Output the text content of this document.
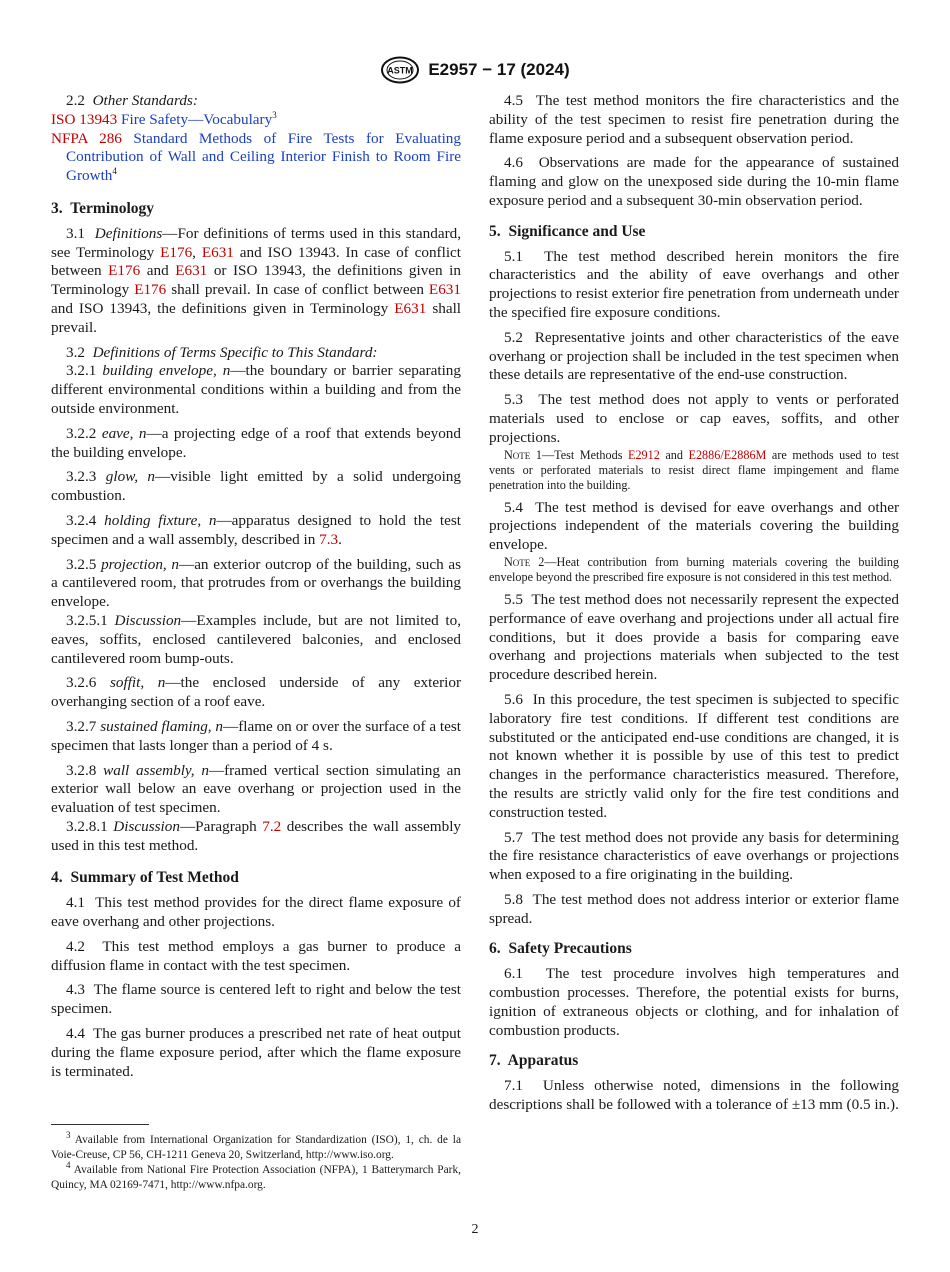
ASTM E2957 − 17 (2024)

2.2 Other Standards:

ISO 13943 Fire Safety—Vocabulary$^3$
NFPA 286 Standard Methods of Fire Tests for Evaluating Contribution of Wall and Ceiling Interior Finish to Room Fire Growth$^4$
3. Terminology

3.1 Definitions—For definitions of terms used in this standard, see Terminology E176, E631 and ISO 13943. In case of conflict between E176 and E631 or ISO 13943, the definitions given in Terminology E176 shall prevail. In case of conflict between E631 and ISO 13943, the definitions given in Terminology E631 shall prevail.

3.2 Definitions of Terms Specific to This Standard:

3.2.1 building envelope, n—the boundary or barrier separating different environmental conditions within a building and from the outside environment.

3.2.2 eave, n—a projecting edge of a roof that extends beyond the building envelope.

3.2.3 glow, n—visible light emitted by a solid undergoing combustion.

3.2.4 holding fixture, n—apparatus designed to hold the test specimen and a wall assembly, described in 7.3.

3.2.5 projection, n—an exterior outcrop of the building, such as a cantilevered room, that protrudes from or overhangs the building envelope.

3.2.5.1 Discussion—Examples include, but are not limited to, eaves, soffits, enclosed cantilevered balconies, and enclosed cantilevered room bump-outs.

3.2.6 soffit, n—the enclosed underside of any exterior overhanging section of a roof eave.

3.2.7 sustained flaming, n—flame on or over the surface of a test specimen that lasts longer than a period of 4 s.

3.2.8 wall assembly, n—framed vertical section simulating an exterior wall below an eave overhang or projection used in the evaluation of test specimen.

3.2.8.1 Discussion—Paragraph 7.2 describes the wall assembly used in this test method.

4. Summary of Test Method

4.1 This test method provides for the direct flame exposure of eave overhang and other projections.

4.2 This test method employs a gas burner to produce a diffusion flame in contact with the test specimen.

4.3 The flame source is centered left to right and below the test specimen.

4.4 The gas burner produces a prescribed net rate of heat output during the flame exposure period, after which the flame exposure is terminated.

4.5 The test method monitors the fire characteristics and the ability of the test specimen to resist fire penetration during the flame exposure period and a subsequent observation period.

4.6 Observations are made for the appearance of sustained flaming and glow on the unexposed side during the 10-min flame exposure period and a subsequent 30-min observation period.

5. Significance and Use

5.1 The test method described herein monitors the fire characteristics and the ability of eave overhangs and other projections to resist exterior fire penetration from underneath under the specified fire exposure conditions.

5.2 Representative joints and other characteristics of the eave overhang or projection shall be included in the test specimen when these details are representative of the end-use construction.

5.3 The test method does not apply to vents or perforated materials used to enclose or cap eaves, soffits, and other projections.

Note 1—Test Methods E2912 and E2886/E2886M are methods used to test vents or perforated materials to resist direct flame impingement and flame penetration into the building.

5.4 The test method is devised for eave overhangs and other projections independent of the materials covering the building envelope.

Note 2—Heat contribution from burning materials covering the building envelope beyond the prescribed fire exposure is not considered in this test method.

5.5 The test method does not necessarily represent the expected performance of eave overhang and projections under all actual fire conditions, but it does provide a basis for comparing eave overhang and projections materials when subjected to the test procedure described herein.

5.6 In this procedure, the test specimen is subjected to specific laboratory fire test conditions. If different test conditions are substituted or the anticipated end-use conditions are changed, it is not known whether it is possible by use of this test to predict changes in the performance characteristics measured. Therefore, the results are strictly valid only for the fire test conditions and construction tested.

5.7 The test method does not provide any basis for determining the fire resistance characteristics of eave overhangs or projections when exposed to a fire originating in the building.

5.8 The test method does not address interior or exterior flame spread.

6. Safety Precautions

6.1 The test procedure involves high temperatures and combustion processes. Therefore, the potential exists for burns, ignition of extraneous objects or clothing, and for inhalation of combustion products.

7. Apparatus

7.1 Unless otherwise noted, dimensions in the following descriptions shall be followed with a tolerance of ±13 mm (0.5 in.).

$^3$ Available from International Organization for Standardization (ISO), 1, ch. de la Voie-Creuse, CP 56, CH-1211 Geneva 20, Switzerland, http://www.iso.org.

$^4$ Available from National Fire Protection Association (NFPA), 1 Batterymarch Park, Quincy, MA 02169-7471, http://www.nfpa.org.

2
